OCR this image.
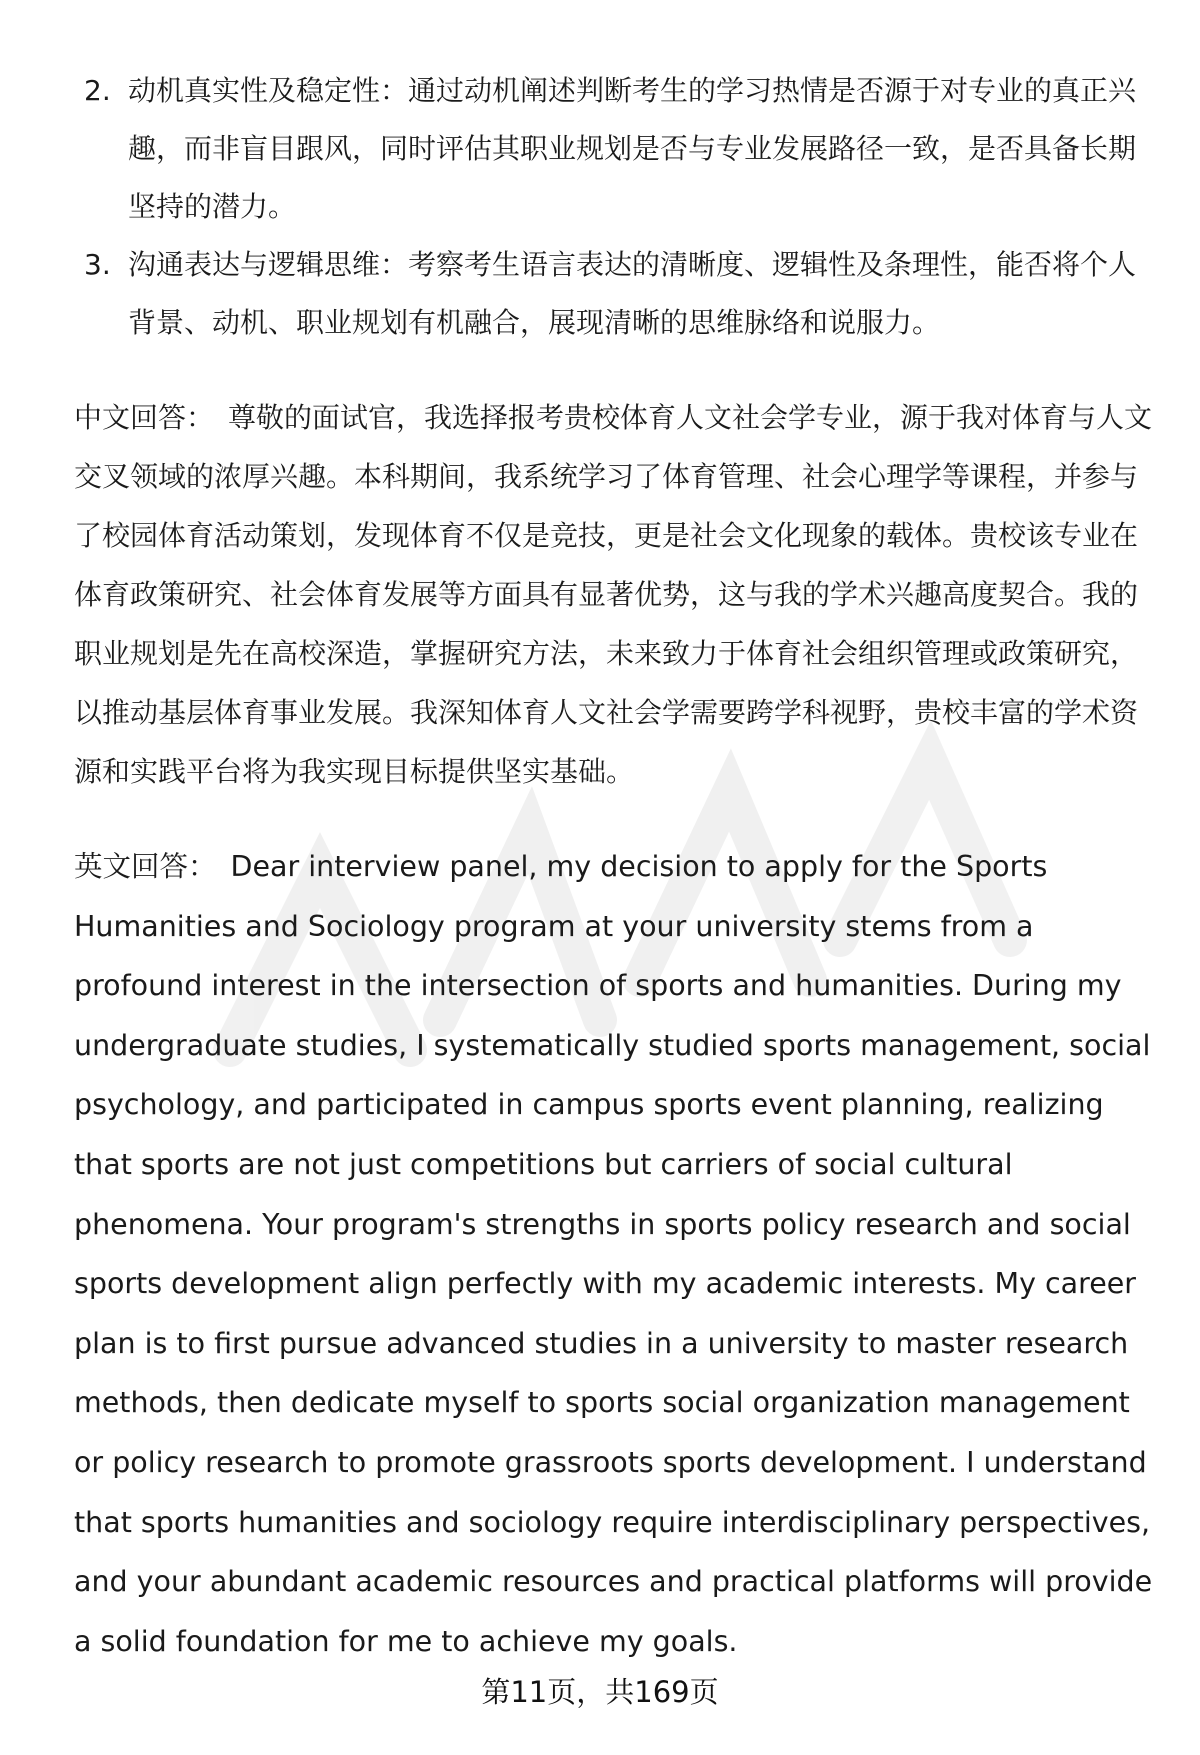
2. 动机真实性及稳定性：通过动机阐述判断考生的学习热情是否源于对专业的真正兴趣，而非盲目跟风，同时评估其职业规划是否与专业发展路径一致，是否具备长期坚持的潜力。
3. 沟通表达与逻辑思维：考察考生语言表达的清晰度、逻辑性及条理性，能否将个人背景、动机、职业规划有机融合，展现清晰的思维脉络和说服力。

中文回答： 尊敬的面试官，我选择报考贵校体育人文社会学专业，源于我对体育与人文交叉领域的浓厚兴趣。本科期间，我系统学习了体育管理、社会心理学等课程，并参与了校园体育活动策划，发现体育不仅是竞技，更是社会文化现象的载体。贵校该专业在体育政策研究、社会体育发展等方面具有显著优势，这与我的学术兴趣高度契合。我的职业规划是先在高校深造，掌握研究方法，未来致力于体育社会组织管理或政策研究，以推动基层体育事业发展。我深知体育人文社会学需要跨学科视野，贵校丰富的学术资源和实践平台将为我实现目标提供坚实基础。

英文回答： Dear interview panel, my decision to apply for the Sports Humanities and Sociology program at your university stems from a profound interest in the intersection of sports and humanities. During my undergraduate studies, I systematically studied sports management, social psychology, and participated in campus sports event planning, realizing that sports are not just competitions but carriers of social cultural phenomena. Your program's strengths in sports policy research and social sports development align perfectly with my academic interests. My career plan is to first pursue advanced studies in a university to master research methods, then dedicate myself to sports social organization management or policy research to promote grassroots sports development. I understand that sports humanities and sociology require interdisciplinary perspectives, and your abundant academic resources and practical platforms will provide a solid foundation for me to achieve my goals.

第11页，共169页
